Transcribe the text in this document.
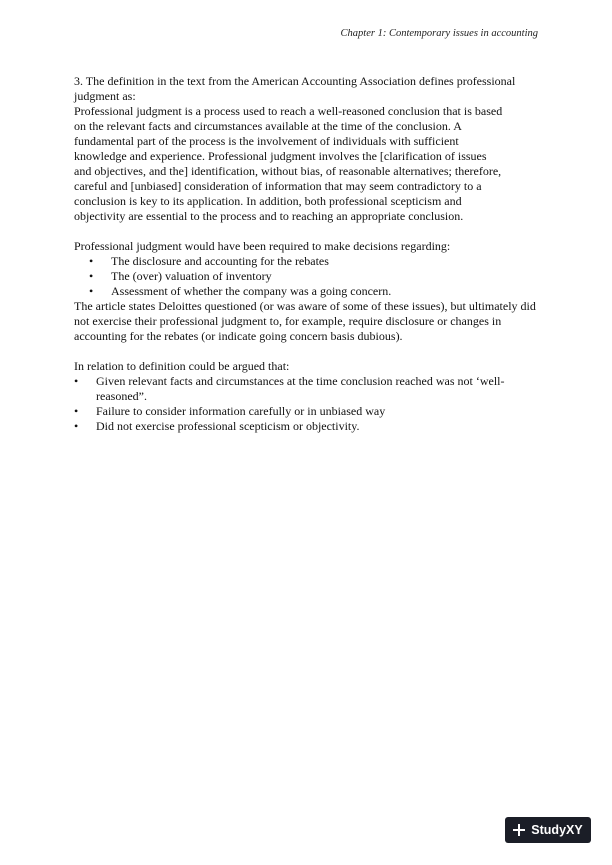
Chapter 1: Contemporary issues in accounting

3. The definition in the text from the American Accounting Association defines professional judgment as:

Professional judgment is a process used to reach a well-reasoned conclusion that is based on the relevant facts and circumstances available at the time of the conclusion. A fundamental part of the process is the involvement of individuals with sufficient knowledge and experience. Professional judgment involves the [clarification of issues and objectives, and the] identification, without bias, of reasonable alternatives; therefore, careful and [unbiased] consideration of information that may seem contradictory to a conclusion is key to its application. In addition, both professional scepticism and objectivity are essential to the process and to reaching an appropriate conclusion.

Professional judgment would have been required to make decisions regarding:

• The disclosure and accounting for the rebates
• The (over) valuation of inventory
• Assessment of whether the company was a going concern.

The article states Deloittes questioned (or was aware of some of these issues), but ultimately did not exercise their professional judgment to, for example, require disclosure or changes in accounting for the rebates (or indicate going concern basis dubious).

In relation to definition could be argued that:

• Given relevant facts and circumstances at the time conclusion reached was not ‘well-reasoned”.
• Failure to consider information carefully or in unbiased way
• Did not exercise professional scepticism or objectivity.
StudyXY
